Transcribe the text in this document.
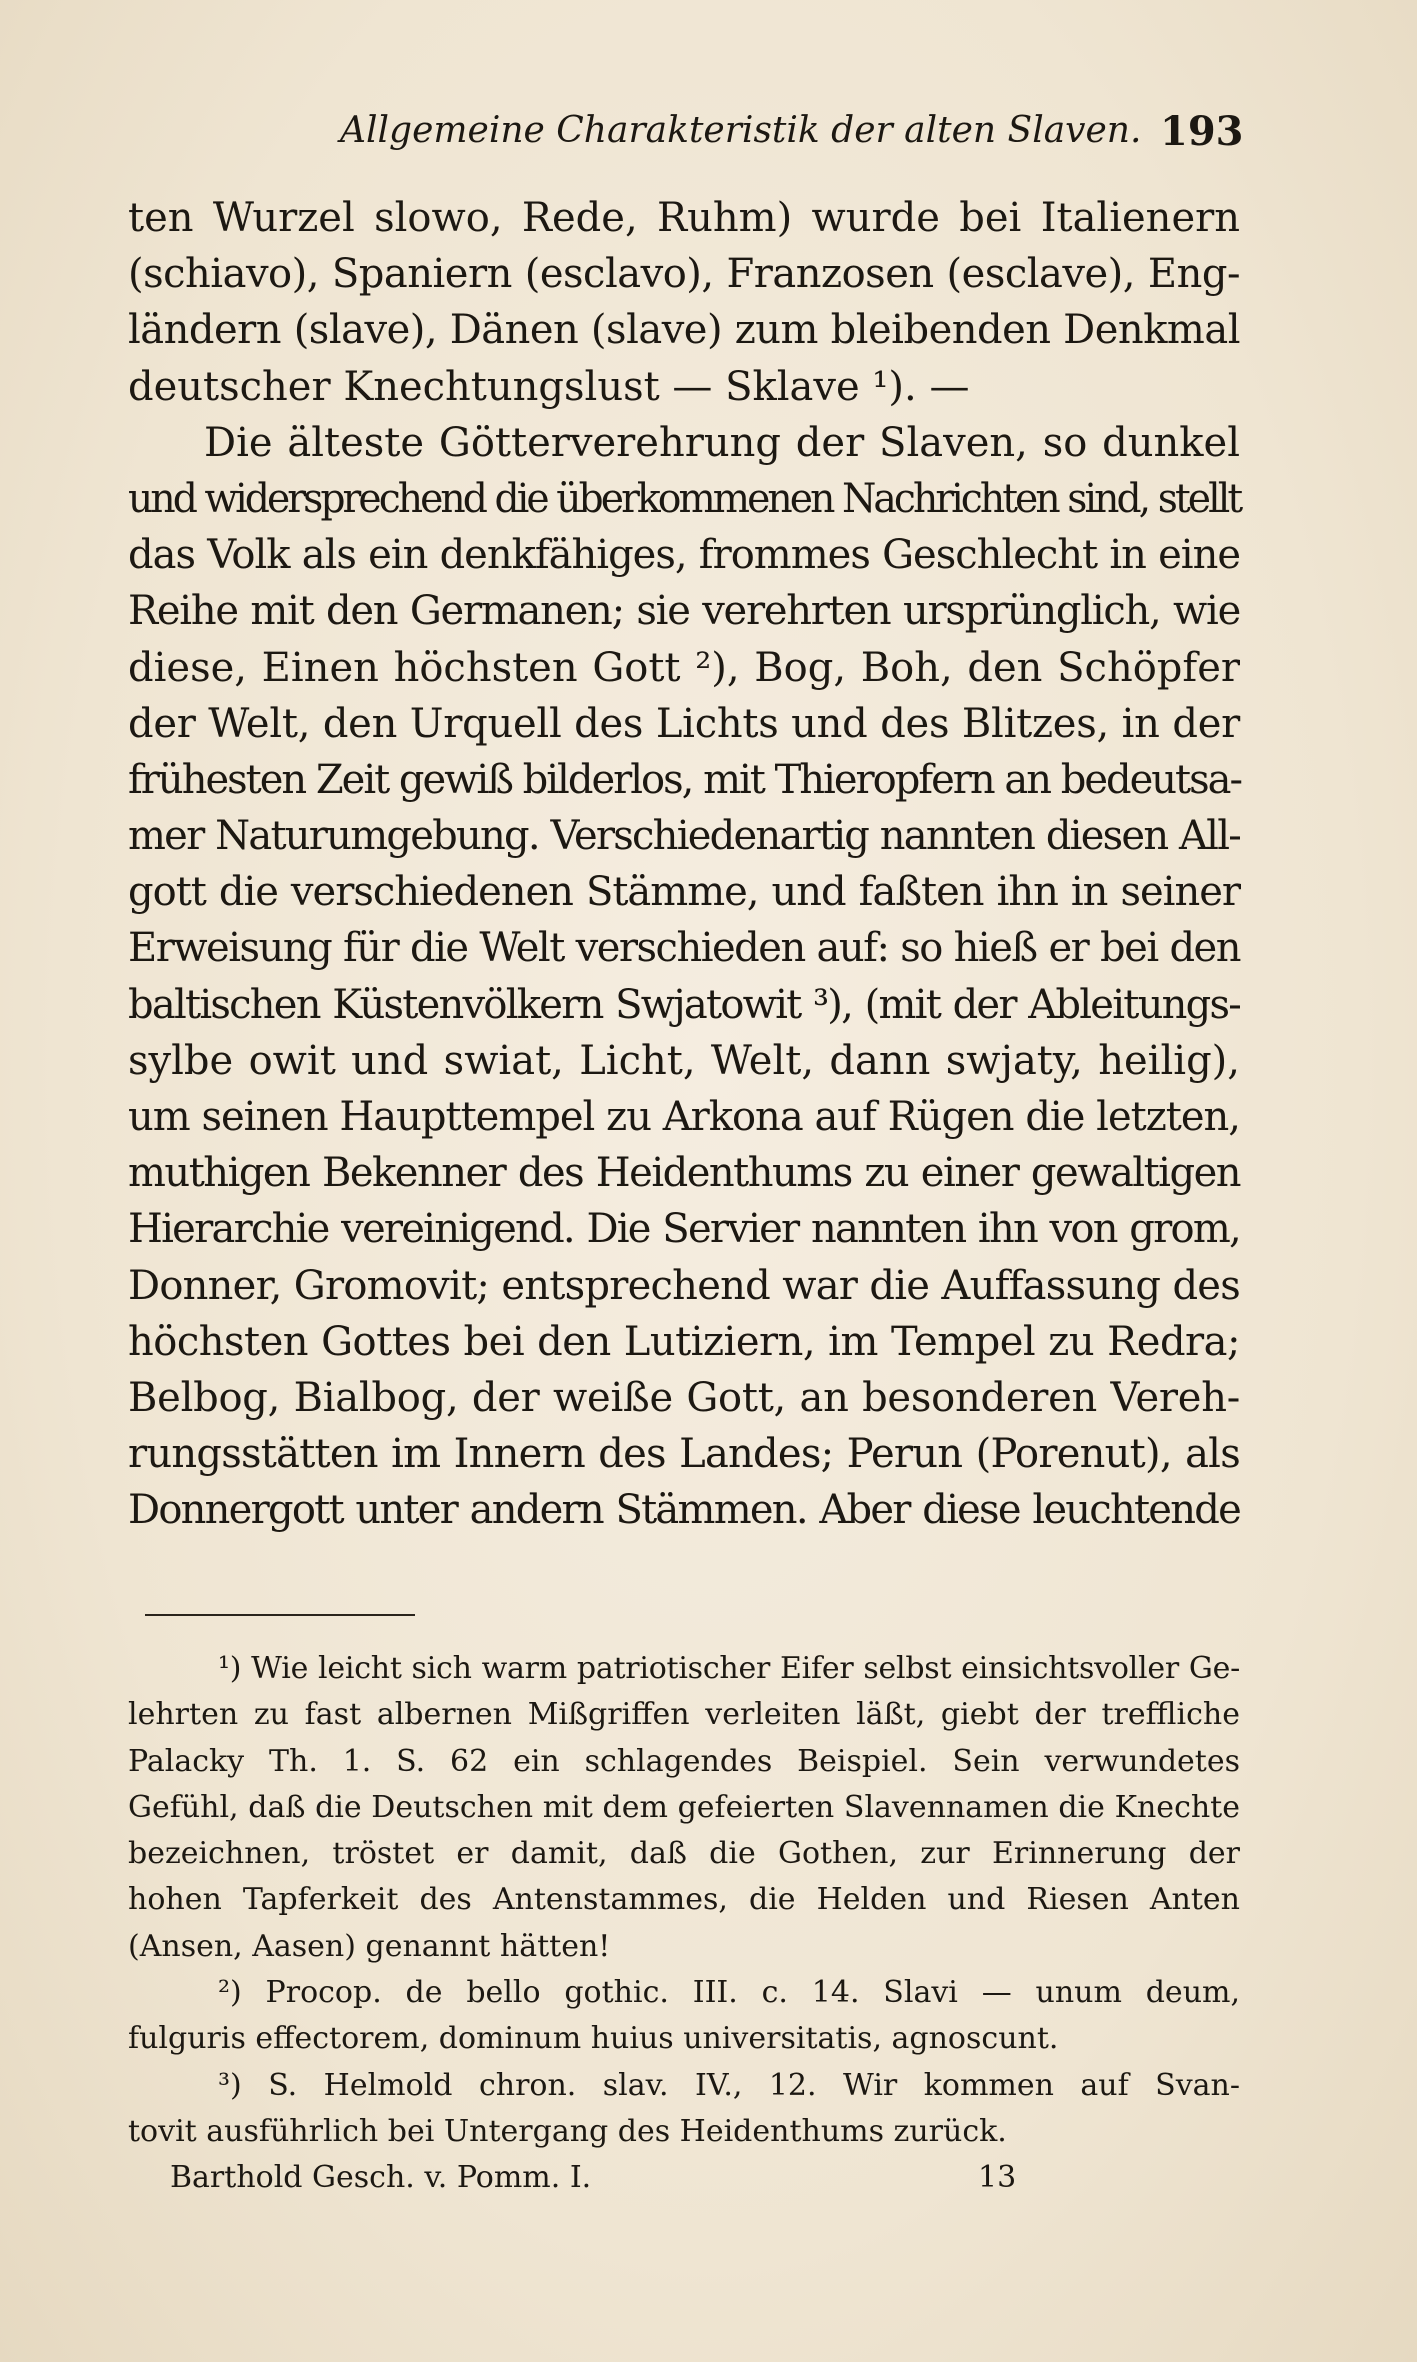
Allgemeine Charakteristik der alten Slaven. 193
ten Wurzel slowo, Rede, Ruhm) wurde bei Italienern
(schiavo), Spaniern (esclavo), Franzosen (esclave), Eng-
ländern (slave), Dänen (slave) zum bleibenden Denkmal
deutscher Knechtungslust — Sklave ¹). —
Die älteste Götterverehrung der Slaven, so dunkel
und widersprechend die überkommenen Nachrichten sind, stellt
das Volk als ein denkfähiges, frommes Geschlecht in eine
Reihe mit den Germanen; sie verehrten ursprünglich, wie
diese, Einen höchsten Gott ²), Bog, Boh, den Schöpfer
der Welt, den Urquell des Lichts und des Blitzes, in der
frühesten Zeit gewiß bilderlos, mit Thieropfern an bedeutsa-
mer Naturumgebung. Verschiedenartig nannten diesen All-
gott die verschiedenen Stämme, und faßten ihn in seiner
Erweisung für die Welt verschieden auf: so hieß er bei den
baltischen Küstenvölkern Swjatowit ³), (mit der Ableitungs-
sylbe owit und swiat, Licht, Welt, dann swjaty, heilig),
um seinen Haupttempel zu Arkona auf Rügen die letzten,
muthigen Bekenner des Heidenthums zu einer gewaltigen
Hierarchie vereinigend. Die Servier nannten ihn von grom,
Donner, Gromovit; entsprechend war die Auffassung des
höchsten Gottes bei den Lutiziern, im Tempel zu Redra;
Belbog, Bialbog, der weiße Gott, an besonderen Vereh-
rungsstätten im Innern des Landes; Perun (Porenut), als
Donnergott unter andern Stämmen. Aber diese leuchtende
¹) Wie leicht sich warm patriotischer Eifer selbst einsichtsvoller Ge-
lehrten zu fast albernen Mißgriffen verleiten läßt, giebt der treffliche
Palacky Th. 1. S. 62 ein schlagendes Beispiel. Sein verwundetes
Gefühl, daß die Deutschen mit dem gefeierten Slavennamen die Knechte
bezeichnen, tröstet er damit, daß die Gothen, zur Erinnerung der
hohen Tapferkeit des Antenstammes, die Helden und Riesen Anten
(Ansen, Aasen) genannt hätten!
²) Procop. de bello gothic. III. c. 14. Slavi — unum deum,
fulguris effectorem, dominum huius universitatis, agnoscunt.
³) S. Helmold chron. slav. IV., 12. Wir kommen auf Svan-
tovit ausführlich bei Untergang des Heidenthums zurück.
Barthold Gesch. v. Pomm. I.	13
